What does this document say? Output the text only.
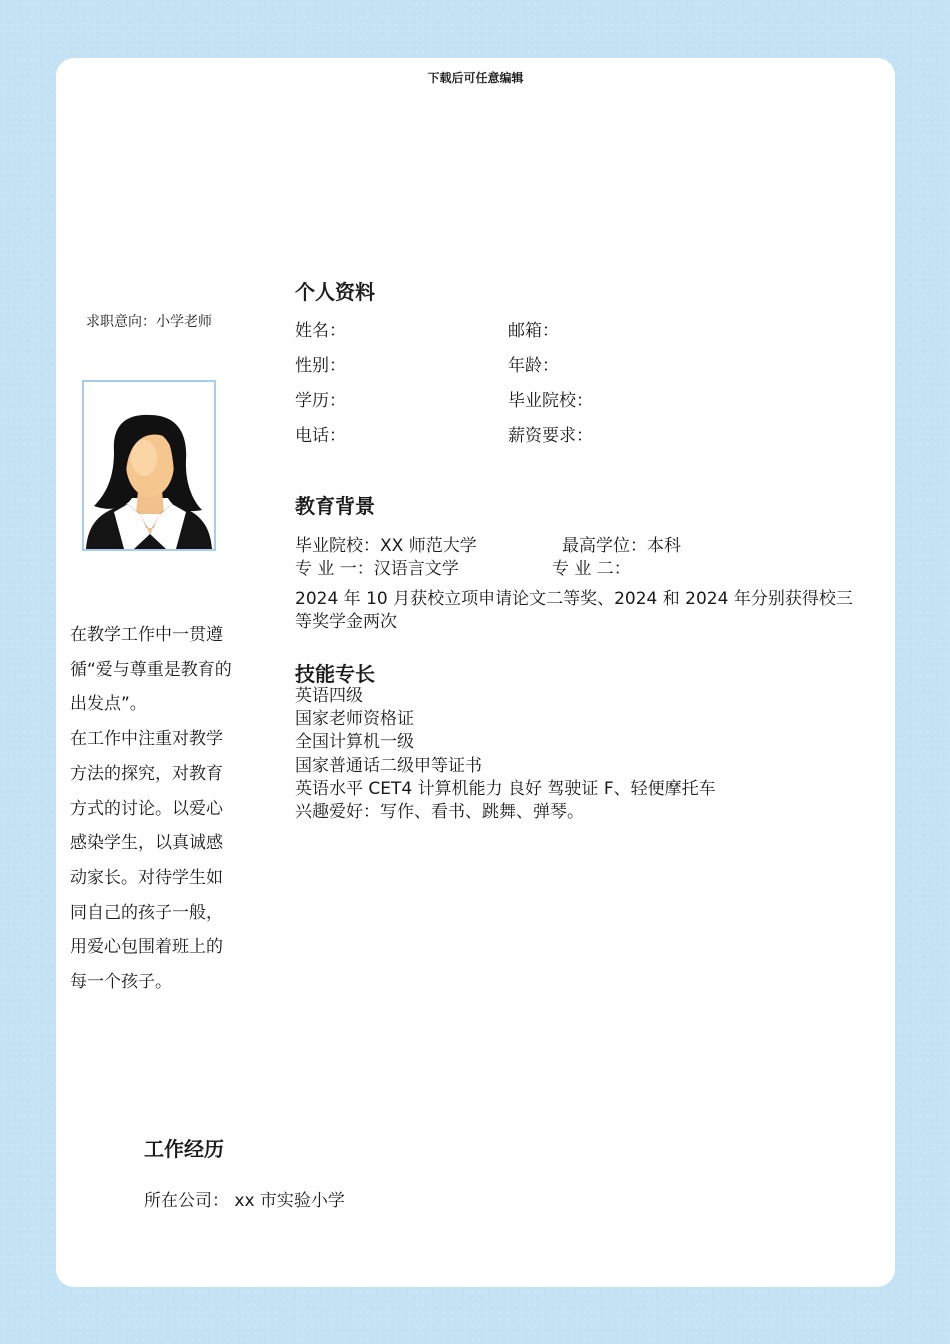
下载后可任意编辑
求职意向：小学老师

在教学工作中一贯遵循“爱与尊重是教育的出发点”。

在工作中注重对教学方法的探究，对教育方式的讨论。以爱心感染学生，以真诚感动家长。对待学生如同自己的孩子一般，用爱心包围着班上的每一个孩子。

个人资料
姓名：	邮箱：
性别：	年龄：
学历：	毕业院校：
电话：	薪资要求：
教育背景
毕业院校：XX 师范大学	最高学位：本科
专 业 一：汉语言文学	专 业 二：
2024 年 10 月获校立项申请论文二等奖、2024 和 2024 年分别获得校三等奖学金两次
技能专长
英语四级
国家老师资格证
全国计算机一级
国家普通话二级甲等证书
英语水平 CET4 计算机能力 良好 驾驶证 F、轻便摩托车
兴趣爱好：写作、看书、跳舞、弹琴。
工作经历
所在公司： xx 市实验小学
